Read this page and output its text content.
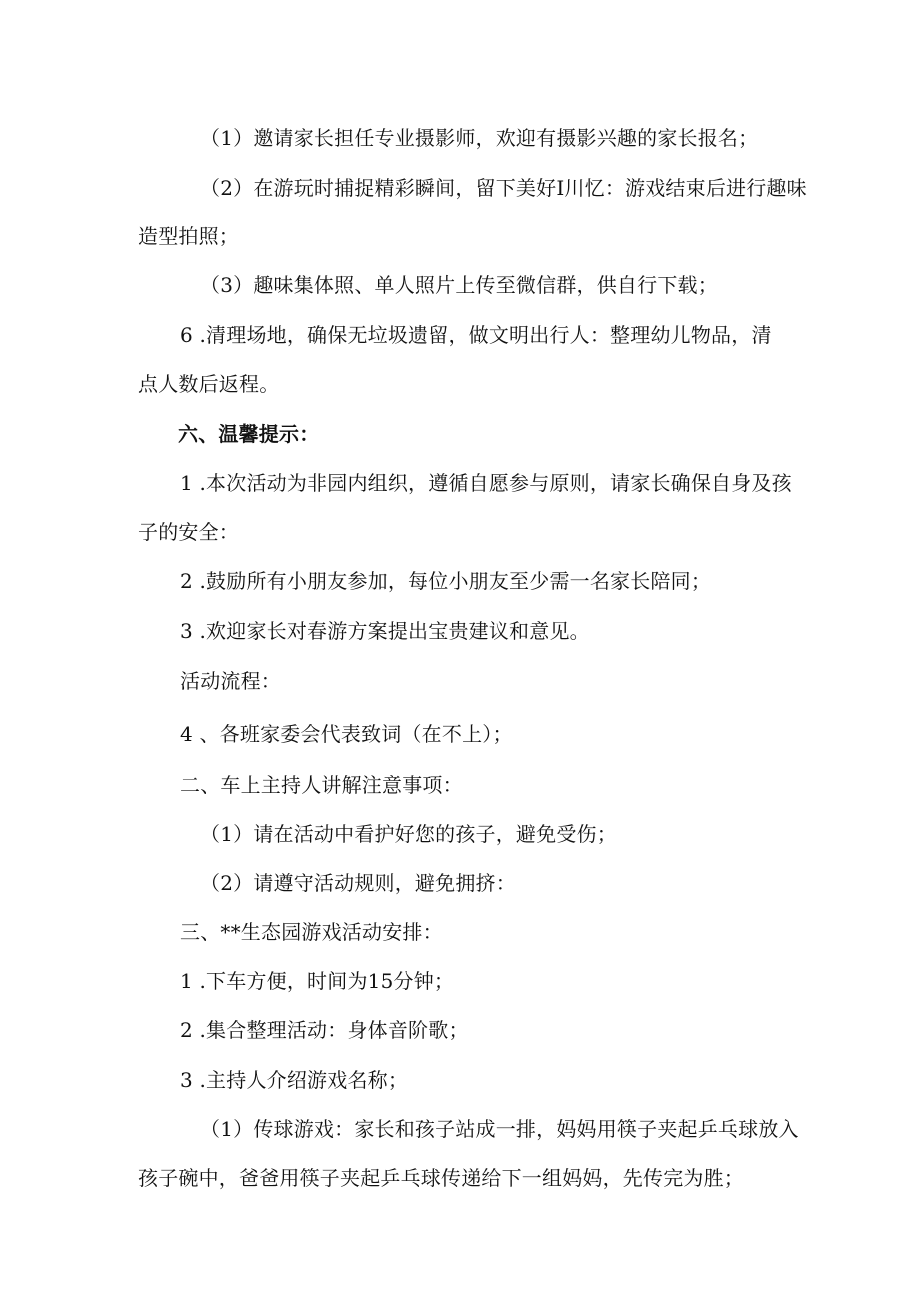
（1）邀请家长担任专业摄影师，欢迎有摄影兴趣的家长报名；
（2）在游玩时捕捉精彩瞬间，留下美好I川忆：游戏结束后进行趣味
造型拍照；
（3）趣味集体照、单人照片上传至微信群，供自行下载；
6 .清理场地，确保无垃圾遗留，做文明出行人：整理幼儿物品，清
点人数后返程。
六、温馨提示：
1 .本次活动为非园内组织，遵循自愿参与原则，请家长确保自身及孩
子的安全：
2 .鼓励所有小朋友参加，每位小朋友至少需一名家长陪同；
3 .欢迎家长对春游方案提出宝贵建议和意见。
活动流程：
4 、各班家委会代表致词（在不上）；
二、车上主持人讲解注意事项：
（1）请在活动中看护好您的孩子，避免受伤；
（2）请遵守活动规则，避免拥挤：
三、**生态园游戏活动安排：
1 .下车方便，时间为15分钟；
2 .集合整理活动：身体音阶歌；
3 .主持人介绍游戏名称；
（1）传球游戏：家长和孩子站成一排，妈妈用筷子夹起乒乓球放入
孩子碗中，爸爸用筷子夹起乒乓球传递给下一组妈妈，先传完为胜；
